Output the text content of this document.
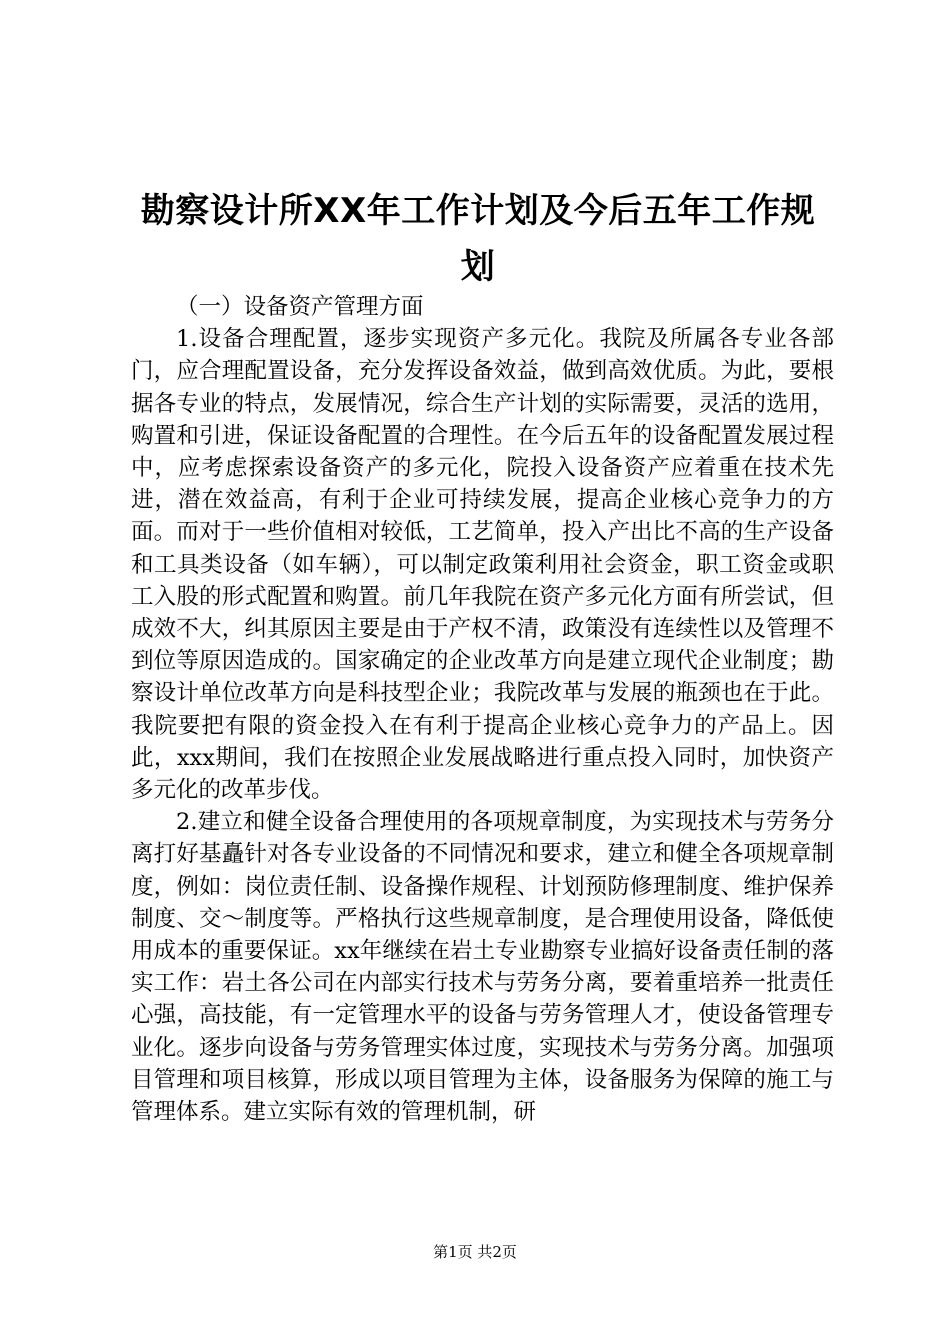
勘察设计所XX年工作计划及今后五年工作规划

（一）设备资产管理方面

1.设备合理配置，逐步实现资产多元化。我院及所属各专业各部门，应合理配置设备，充分发挥设备效益，做到高效优质。为此，要根据各专业的特点，发展情况，综合生产计划的实际需要，灵活的选用，购置和引进，保证设备配置的合理性。在今后五年的设备配置发展过程中，应考虑探索设备资产的多元化，院投入设备资产应着重在技术先进，潜在效益高，有利于企业可持续发展，提高企业核心竞争力的方面。而对于一些价值相对较低，工艺简单，投入产出比不高的生产设备和工具类设备（如车辆），可以制定政策利用社会资金，职工资金或职工入股的形式配置和购置。前几年我院在资产多元化方面有所尝试，但成效不大，纠其原因主要是由于产权不清，政策没有连续性以及管理不到位等原因造成的。国家确定的企业改革方向是建立现代企业制度；勘察设计单位改革方向是科技型企业；我院改革与发展的瓶颈也在于此。我院要把有限的资金投入在有利于提高企业核心竞争力的产品上。因此，xxx期间，我们在按照企业发展战略进行重点投入同时，加快资产多元化的改革步伐。

2.建立和健全设备合理使用的各项规章制度，为实现技术与劳务分离打好基矗针对各专业设备的不同情况和要求，建立和健全各项规章制度，例如：岗位责任制、设备操作规程、计划预防修理制度、维护保养制度、交～制度等。严格执行这些规章制度，是合理使用设备，降低使用成本的重要保证。xx年继续在岩土专业勘察专业搞好设备责任制的落实工作：岩土各公司在内部实行技术与劳务分离，要着重培养一批责任心强，高技能，有一定管理水平的设备与劳务管理人才，使设备管理专业化。逐步向设备与劳务管理实体过度，实现技术与劳务分离。加强项目管理和项目核算，形成以项目管理为主体，设备服务为保障的施工与管理体系。建立实际有效的管理机制，研

第1页 共2页
